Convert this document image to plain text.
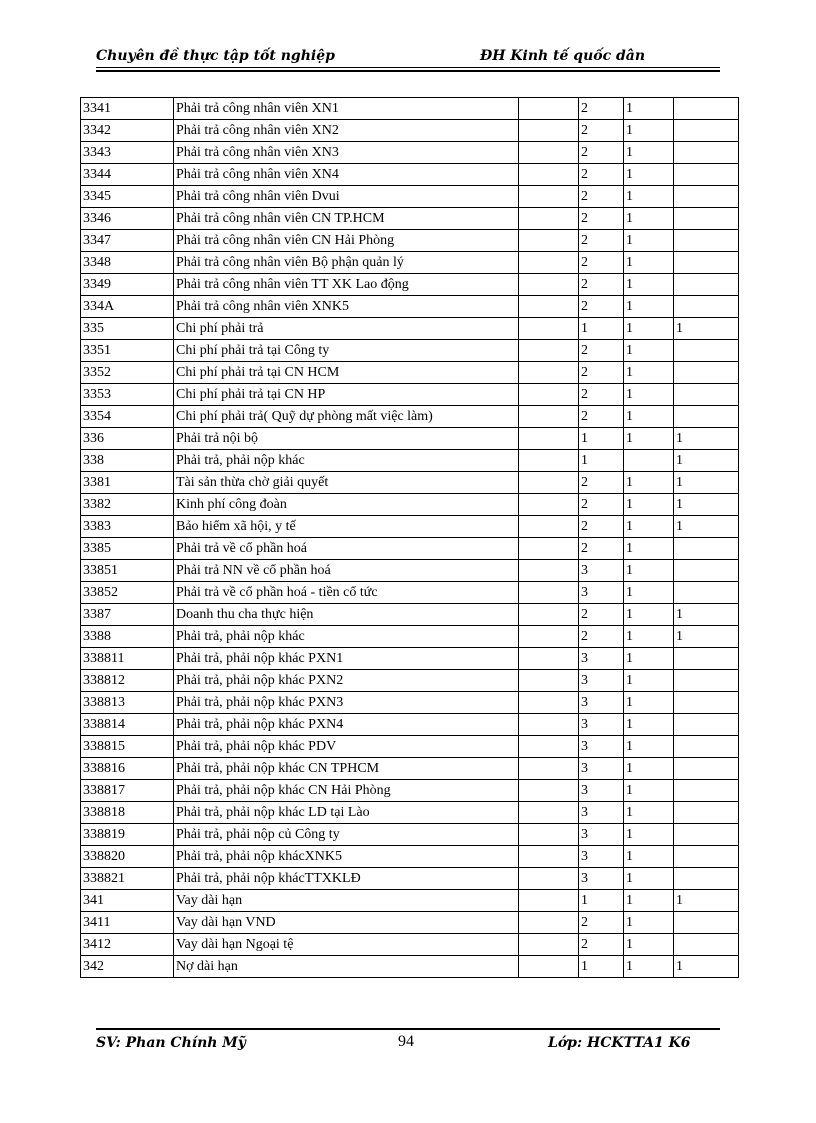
Chuyên đề thực tập tốt nghiệp	ĐH Kinh tế quốc dân
3341	Phải trả công nhân viên XN1		2	1	
3342	Phải trả công nhân viên XN2		2	1	
3343	Phải trả công nhân viên XN3		2	1	
3344	Phải trả công nhân viên XN4		2	1	
3345	Phải trả công nhân viên Dvui		2	1	
3346	Phải trả công nhân viên CN TP.HCM		2	1	
3347	Phải trả công nhân viên CN Hải Phòng		2	1	
3348	Phải trả công nhân viên Bộ phận quản lý		2	1	
3349	Phải trả công nhân viên TT XK Lao động		2	1	
334A	Phải trả công nhân viên XNK5		2	1	
335	Chi phí phải trả		1	1	1
3351	Chi phí phải trả tại Công ty		2	1	
3352	Chi phí phải trả tại CN HCM		2	1	
3353	Chi phí phải trả tại CN HP		2	1	
3354	Chi phí phải trả( Quỹ dự phòng mất việc làm)		2	1	
336	Phải trả nội bộ		1	1	1
338	Phải trả, phải nộp khác		1		1
3381	Tài sản thừa chờ giải quyết		2	1	1
3382	Kinh phí công đoàn		2	1	1
3383	Bảo hiểm xã hội, y tế		2	1	1
3385	Phải trả về cổ phần hoá		2	1	
33851	Phải trả NN về cổ phần hoá		3	1	
33852	Phải trả về cổ phần hoá - tiền cổ tức		3	1	
3387	Doanh thu cha thực hiện		2	1	1
3388	Phải trả, phải nộp khác		2	1	1
338811	Phải trả, phải nộp khác PXN1		3	1	
338812	Phải trả, phải nộp khác PXN2		3	1	
338813	Phải trả, phải nộp khác PXN3		3	1	
338814	Phải trả, phải nộp khác PXN4		3	1	
338815	Phải trả, phải nộp khác PDV		3	1	
338816	Phải trả, phải nộp khác CN TPHCM		3	1	
338817	Phải trả, phải nộp khác CN Hải Phòng		3	1	
338818	Phải trả, phải nộp khác LD tại Lào		3	1	
338819	Phải trả, phải nộp củ Công ty		3	1	
338820	Phải trả, phải nộp khácXNK5		3	1	
338821	Phải trả, phải nộp khácTTXKLĐ		3	1	
341	Vay dài hạn		1	1	1
3411	Vay dài hạn VND		2	1	
3412	Vay dài hạn Ngoại tệ		2	1	
342	Nợ dài hạn		1	1	1
SV: Phan Chính Mỹ	94	Lớp: HCKTTA1 K6
